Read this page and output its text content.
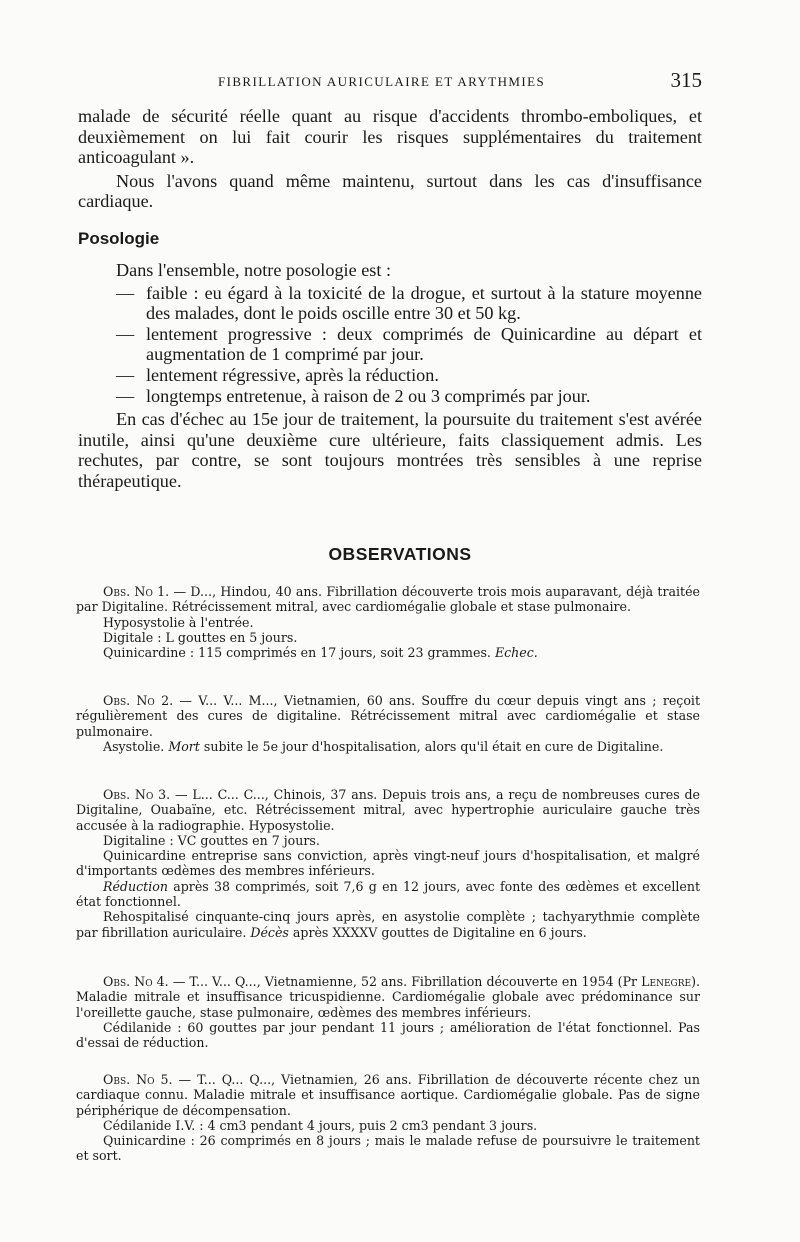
FIBRILLATION AURICULAIRE ET ARYTHMIES	315

malade de sécurité réelle quant au risque d'accidents thrombo-emboliques, et deuxièmement on lui fait courir les risques supplémentaires du traitement anticoagulant ».

Nous l'avons quand même maintenu, surtout dans les cas d'insuffisance cardiaque.

Posologie

Dans l'ensemble, notre posologie est :

— faible : eu égard à la toxicité de la drogue, et surtout à la stature moyenne des malades, dont le poids oscille entre 30 et 50 kg.

— lentement progressive : deux comprimés de Quinicardine au départ et augmentation de 1 comprimé par jour.

— lentement régressive, après la réduction.

— longtemps entretenue, à raison de 2 ou 3 comprimés par jour.

En cas d'échec au 15e jour de traitement, la poursuite du traitement s'est avérée inutile, ainsi qu'une deuxième cure ultérieure, faits classiquement admis. Les rechutes, par contre, se sont toujours montrées très sensibles à une reprise thérapeutique.

OBSERVATIONS

Obs. No 1. — D..., Hindou, 40 ans. Fibrillation découverte trois mois auparavant, déjà traitée par Digitaline. Rétrécissement mitral, avec cardiomégalie globale et stase pulmonaire.

Hyposystolie à l'entrée.

Digitale : L gouttes en 5 jours.

Quinicardine : 115 comprimés en 17 jours, soit 23 grammes. Echec.

Obs. No 2. — V... V... M..., Vietnamien, 60 ans. Souffre du cœur depuis vingt ans ; reçoit régulièrement des cures de digitaline. Rétrécissement mitral avec cardiomégalie et stase pulmonaire.

Asystolie. Mort subite le 5e jour d'hospitalisation, alors qu'il était en cure de Digitaline.

Obs. No 3. — L... C... C..., Chinois, 37 ans. Depuis trois ans, a reçu de nombreuses cures de Digitaline, Ouabaïne, etc. Rétrécissement mitral, avec hypertrophie auriculaire gauche très accusée à la radiographie. Hyposystolie.

Digitaline : VC gouttes en 7 jours.

Quinicardine entreprise sans conviction, après vingt-neuf jours d'hospitalisation, et malgré d'importants œdèmes des membres inférieurs.

Réduction après 38 comprimés, soit 7,6 g en 12 jours, avec fonte des œdèmes et excellent état fonctionnel.

Rehospitalisé cinquante-cinq jours après, en asystolie complète ; tachyarythmie complète par fibrillation auriculaire. Décès après XXXXV gouttes de Digitaline en 6 jours.

Obs. No 4. — T... V... Q..., Vietnamienne, 52 ans. Fibrillation découverte en 1954 (Pr Lenegre). Maladie mitrale et insuffisance tricuspidienne. Cardiomégalie globale avec prédominance sur l'oreillette gauche, stase pulmonaire, œdèmes des membres inférieurs.

Cédilanide : 60 gouttes par jour pendant 11 jours ; amélioration de l'état fonctionnel. Pas d'essai de réduction.

Obs. No 5. — T... Q... Q..., Vietnamien, 26 ans. Fibrillation de découverte récente chez un cardiaque connu. Maladie mitrale et insuffisance aortique. Cardiomégalie globale. Pas de signe périphérique de décompensation.

Cédilanide I.V. : 4 cm3 pendant 4 jours, puis 2 cm3 pendant 3 jours.

Quinicardine : 26 comprimés en 8 jours ; mais le malade refuse de poursuivre le traitement et sort.
